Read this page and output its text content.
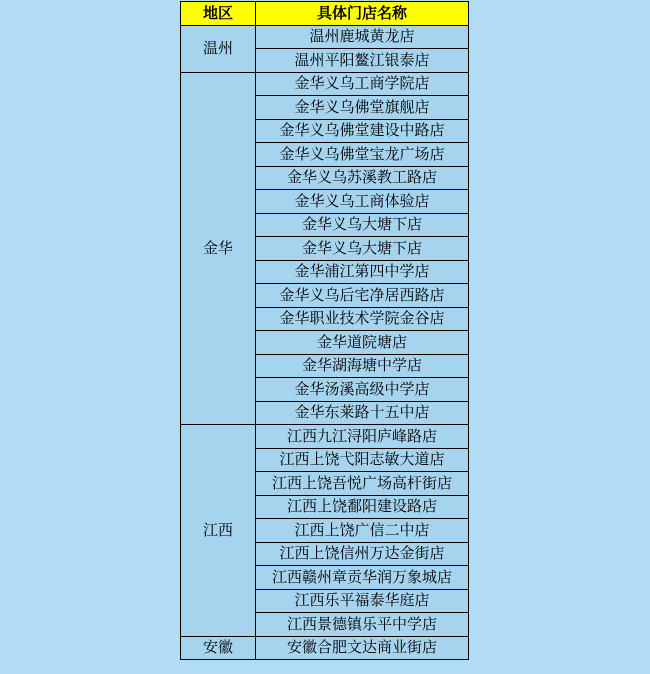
地区	具体门店名称
温州	温州鹿城黄龙店
	温州平阳鳌江银泰店
金华	金华义乌工商学院店
	金华义乌佛堂旗舰店
	金华义乌佛堂建设中路店
	金华义乌佛堂宝龙广场店
	金华义乌苏溪教工路店
	金华义乌工商体验店
	金华义乌大塘下店
	金华义乌大塘下店
	金华浦江第四中学店
	金华义乌后宅净居西路店
	金华职业技术学院金谷店
	金华道院塘店
	金华湖海塘中学店
	金华汤溪高级中学店
	金华东莱路十五中店
江西	江西九江浔阳庐峰路店
	江西上饶弋阳志敏大道店
	江西上饶吾悦广场高杆街店
	江西上饶鄱阳建设路店
	江西上饶广信二中店
	江西上饶信州万达金街店
	江西赣州章贡华润万象城店
	江西乐平福泰华庭店
	江西景德镇乐平中学店
安徽	安徽合肥文达商业街店
